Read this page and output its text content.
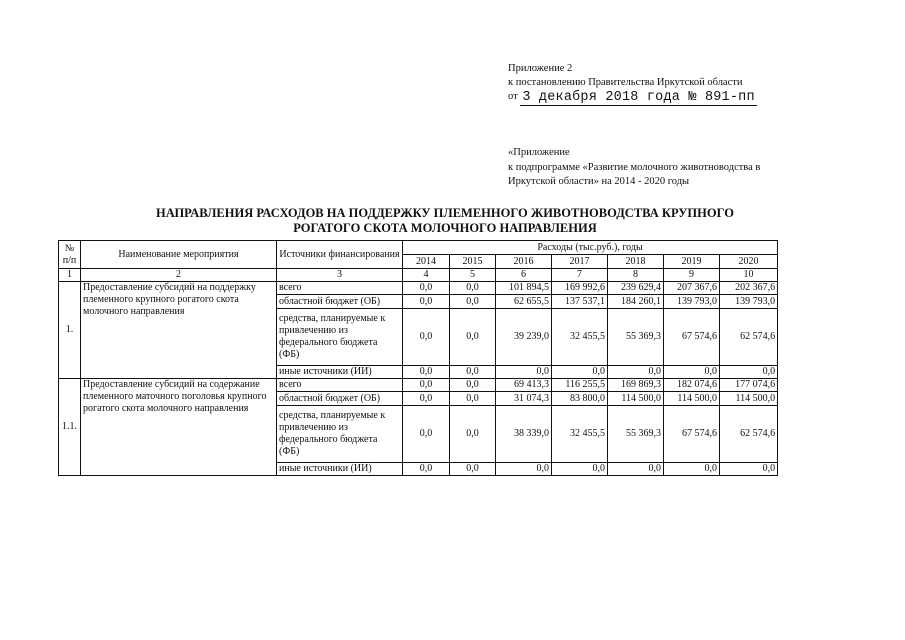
Приложение 2
к постановлению Правительства Иркутской области
от 3 декабря 2018 года № 891-пп
«Приложение
к подпрограмме «Развитие молочного животноводства в Иркутской области» на 2014 - 2020 годы
НАПРАВЛЕНИЯ РАСХОДОВ НА ПОДДЕРЖКУ ПЛЕМЕННОГО ЖИВОТНОВОДСТВА КРУПНОГО
РОГАТОГО СКОТА МОЛОЧНОГО НАПРАВЛЕНИЯ
№ п/п	Наименование мероприятия	Источники финансирования	Расходы (тыс.руб.), годы						
			2014	2015	2016	2017	2018	2019	2020
1	2	3	4	5	6	7	8	9	10
1.	Предоставление субсидий на поддержку племенного крупного рогатого скота молочного направления	всего	0,0	0,0	101 894,5	169 992,6	239 629,4	207 367,6	202 367,6
		областной бюджет (ОБ)	0,0	0,0	62 655,5	137 537,1	184 260,1	139 793,0	139 793,0
		средства, планируемые к привлечению из федерального бюджета (ФБ)	0,0	0,0	39 239,0	32 455,5	55 369,3	67 574,6	62 574,6
		иные источники (ИИ)	0,0	0,0	0,0	0,0	0,0	0,0	0,0
1.1.	Предоставление субсидий на содержание племенного маточного поголовья крупного рогатого скота молочного направления	всего	0,0	0,0	69 413,3	116 255,5	169 869,3	182 074,6	177 074,6
		областной бюджет (ОБ)	0,0	0,0	31 074,3	83 800,0	114 500,0	114 500,0	114 500,0
		средства, планируемые к привлечению из федерального бюджета (ФБ)	0,0	0,0	38 339,0	32 455,5	55 369,3	67 574,6	62 574,6
		иные источники (ИИ)	0,0	0,0	0,0	0,0	0,0	0,0	0,0
